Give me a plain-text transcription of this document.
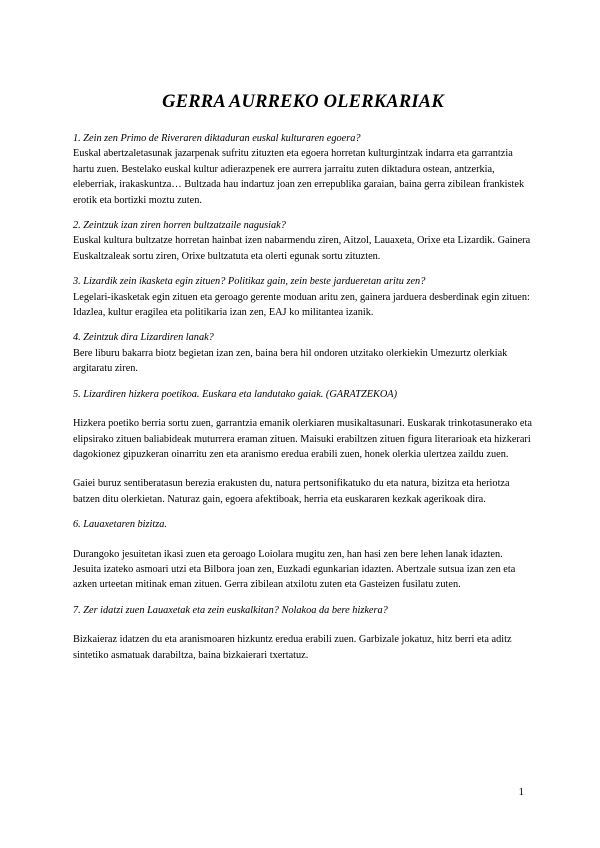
GERRA AURREKO OLERKARIAK

1. Zein zen Primo de Riveraren diktaduran euskal kulturaren egoera?

Euskal abertzaletasunak jazarpenak sufritu zituzten eta egoera horretan kulturgintzak indarra eta garrantzia hartu zuen. Bestelako euskal kultur adierazpenek ere aurrera jarraitu zuten diktadura ostean, antzerkia, eleberriak, irakaskuntza… Bultzada hau indartuz joan zen errepublika garaian, baina gerra zibilean frankistek erotik eta bortizki moztu zuten.

2. Zeintzuk izan ziren horren bultzatzaile nagusiak?

Euskal kultura bultzatze horretan hainbat izen nabarmendu ziren, Aitzol, Lauaxeta, Orixe eta Lizardik. Gainera Euskaltzaleak sortu ziren, Orixe bultzatuta eta olerti egunak sortu zituzten.

3. Lizardik zein ikasketa egin zituen? Politikaz gain, zein beste jardueretan aritu zen?

Legelari-ikasketak egin zituen eta geroago gerente moduan aritu zen, gainera jarduera desberdinak egin zituen: Idazlea, kultur eragilea eta politikaria izan zen, EAJ ko militantea izanik.

4. Zeintzuk dira Lizardiren lanak?

Bere liburu bakarra biotz begietan izan zen, baina bera hil ondoren utzitako olerkiekin Umezurtz olerkiak argitaratu ziren.

5. Lizardiren hizkera poetikoa. Euskara eta landutako gaiak. (GARATZEKOA)

Hizkera poetiko berria sortu zuen, garrantzia emanik olerkiaren musikaltasunari. Euskarak trinkotasunerako eta elipsirako zituen baliabideak muturrera eraman zituen. Maisuki erabiltzen zituen figura literarioak eta hizkerari dagokionez gipuzkeran oinarritu zen eta aranismo eredua erabili zuen, honek olerkia ulertzea zaildu zuen.

Gaiei buruz sentiberatasun berezia erakusten du, natura pertsonifikatuko du eta natura, bizitza eta heriotza batzen ditu olerkietan. Naturaz gain, egoera afektiboak, herria eta euskararen kezkak agerikoak dira.

6. Lauaxetaren bizitza.

Durangoko jesuitetan ikasi zuen eta geroago Loiolara mugitu zen, han hasi zen bere lehen lanak idazten. Jesuita izateko asmoari utzi eta Bilbora joan zen, Euzkadi egunkarian idazten. Abertzale sutsua izan zen eta azken urteetan mitinak eman zituen. Gerra zibilean atxilotu zuten eta Gasteizen fusilatu zuten.

7. Zer idatzi zuen Lauaxetak eta zein euskalkitan? Nolakoa da bere hizkera?

Bizkaieraz idatzen du eta aranismoaren hizkuntz eredua erabili zuen. Garbizale jokatuz, hitz berri eta aditz sintetiko asmatuak darabiltza, baina bizkaierari txertatuz.

1
